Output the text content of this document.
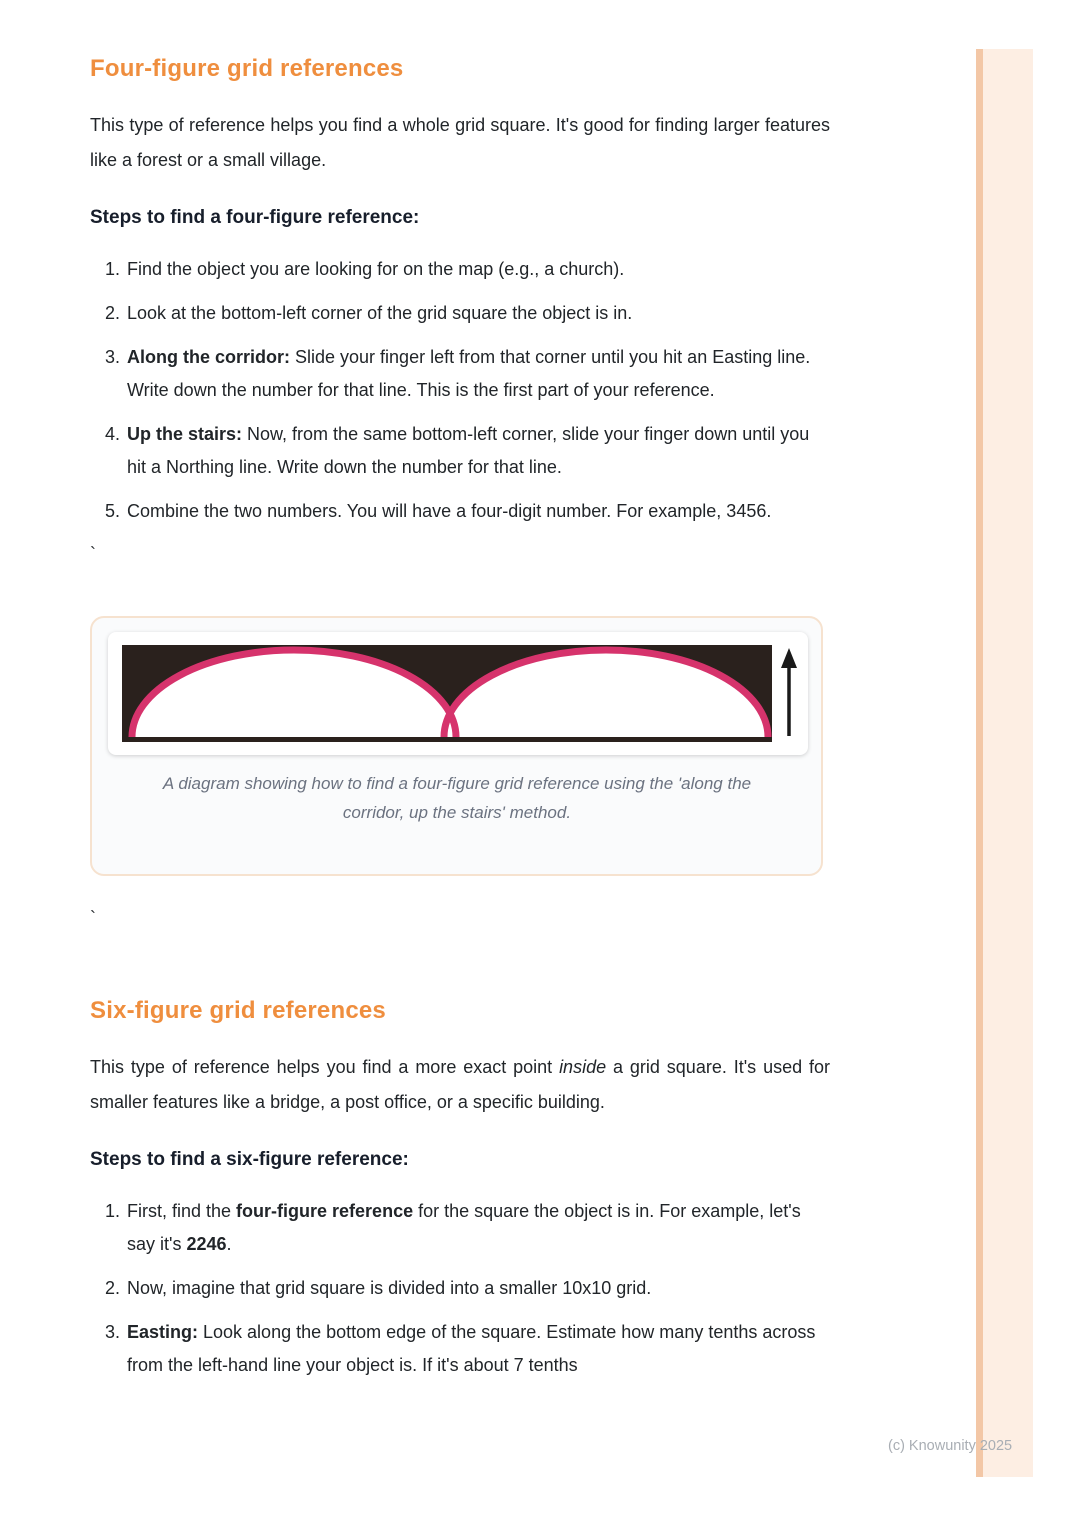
Four-figure grid references

This type of reference helps you find a whole grid square. It's good for finding larger features like a forest or a small village.

Steps to find a four-figure reference:
1. Find the object you are looking for on the map (e.g., a church).
2. Look at the bottom-left corner of the grid square the object is in.
3. Along the corridor: Slide your finger left from that corner until you hit an Easting line. Write down the number for that line. This is the first part of your reference.
4. Up the stairs: Now, from the same bottom-left corner, slide your finger down until you hit a Northing line. Write down the number for that line.
5. Combine the two numbers. You will have a four-digit number. For example, 3456.

`

A diagram showing how to find a four-figure grid reference using the 'along the corridor, up the stairs' method.

`

Six-figure grid references

This type of reference helps you find a more exact point inside a grid square. It's used for smaller features like a bridge, a post office, or a specific building.

Steps to find a six-figure reference:
1. First, find the four-figure reference for the square the object is in. For example, let's say it's 2246.
2. Now, imagine that grid square is divided into a smaller 10x10 grid.
3. Easting: Look along the bottom edge of the square. Estimate how many tenths across from the left-hand line your object is. If it's about 7 tenths
(c) Knowunity 2025
